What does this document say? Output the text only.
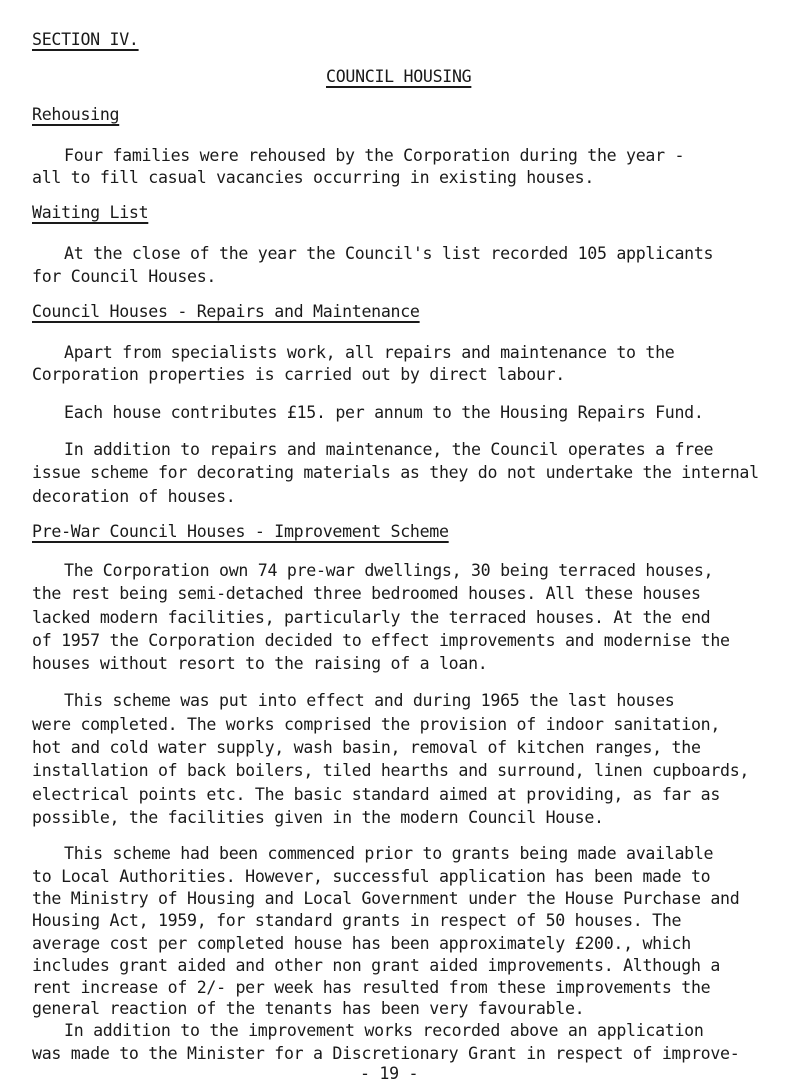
SECTION IV.
COUNCIL HOUSING
Rehousing
Four families were rehoused by the Corporation during the year -
all to fill casual vacancies occurring in existing houses.
Waiting List
At the close of the year the Council's list recorded 105 applicants
for Council Houses.
Council Houses - Repairs and Maintenance
Apart from specialists work, all repairs and maintenance to the
Corporation properties is carried out by direct labour.
Each house contributes £15. per annum to the Housing Repairs Fund.
In addition to repairs and maintenance, the Council operates a free
issue scheme for decorating materials as they do not undertake the internal
decoration of houses.
Pre-War Council Houses - Improvement Scheme
The Corporation own 74 pre-war dwellings, 30 being terraced houses,
the rest being semi-detached three bedroomed houses. All these houses
lacked modern facilities, particularly the terraced houses. At the end
of 1957 the Corporation decided to effect improvements and modernise the
houses without resort to the raising of a loan.
This scheme was put into effect and during 1965 the last houses
were completed. The works comprised the provision of indoor sanitation,
hot and cold water supply, wash basin, removal of kitchen ranges, the
installation of back boilers, tiled hearths and surround, linen cupboards,
electrical points etc. The basic standard aimed at providing, as far as
possible, the facilities given in the modern Council House.
This scheme had been commenced prior to grants being made available
to Local Authorities. However, successful application has been made to
the Ministry of Housing and Local Government under the House Purchase and
Housing Act, 1959, for standard grants in respect of 50 houses. The
average cost per completed house has been approximately £200., which
includes grant aided and other non grant aided improvements. Although a
rent increase of 2/- per week has resulted from these improvements the
general reaction of the tenants has been very favourable.
In addition to the improvement works recorded above an application
was made to the Minister for a Discretionary Grant in respect of improve-
- 19 -
